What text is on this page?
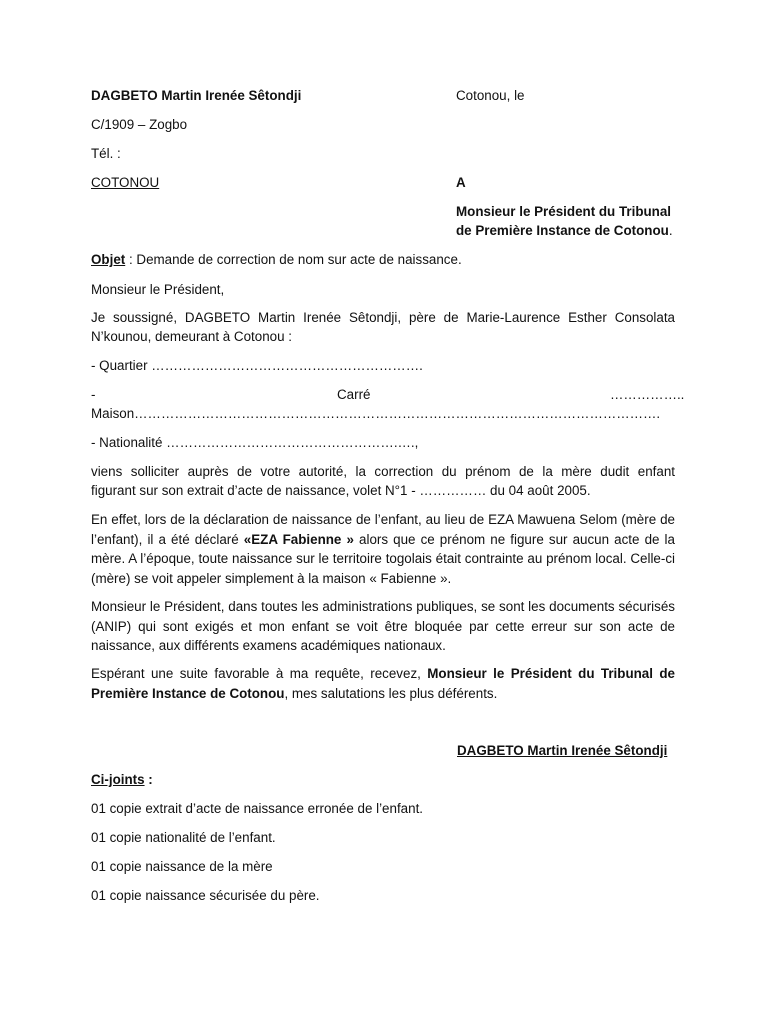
DAGBETO Martin Irenée Sêtondji	Cotonou, le
C/1909 – Zogbo
Tél. :
COTONOU	A
Monsieur le Président du Tribunal
de Première Instance de Cotonou.
Objet : Demande de correction de nom sur acte de naissance.
Monsieur le Président,
Je soussigné, DAGBETO Martin Irenée Sêtondji, père de Marie-Laurence Esther Consolata
N’kounou, demeurant à Cotonou :
- Quartier …………………………………………………….
-	Carré	……………..
Maison……………………………………………………………………………………………………….
- Nationalité …………………………………………….….,
viens solliciter auprès de votre autorité, la correction du prénom de la mère dudit enfant
figurant sur son extrait d’acte de naissance, volet N°1 - …………… du 04 août 2005.
En effet, lors de la déclaration de naissance de l’enfant, au lieu de EZA Mawuena Selom (mère de l’enfant), il a été déclaré «EZA Fabienne » alors que ce prénom ne figure sur aucun acte de la mère. A l’époque, toute naissance sur le territoire togolais était contrainte au prénom local. Celle-ci (mère) se voit appeler simplement à la maison « Fabienne ».
Monsieur le Président, dans toutes les administrations publiques, se sont les documents sécurisés (ANIP) qui sont exigés et mon enfant se voit être bloquée par cette erreur sur son acte de naissance, aux différents examens académiques nationaux.
Espérant une suite favorable à ma requête, recevez, Monsieur le Président du Tribunal de Première Instance de Cotonou, mes salutations les plus déférents.
DAGBETO Martin Irenée Sêtondji
Ci-joints :
01 copie extrait d’acte de naissance erronée de l’enfant.
01 copie nationalité de l’enfant.
01 copie naissance de la mère
01 copie naissance sécurisée du père.
